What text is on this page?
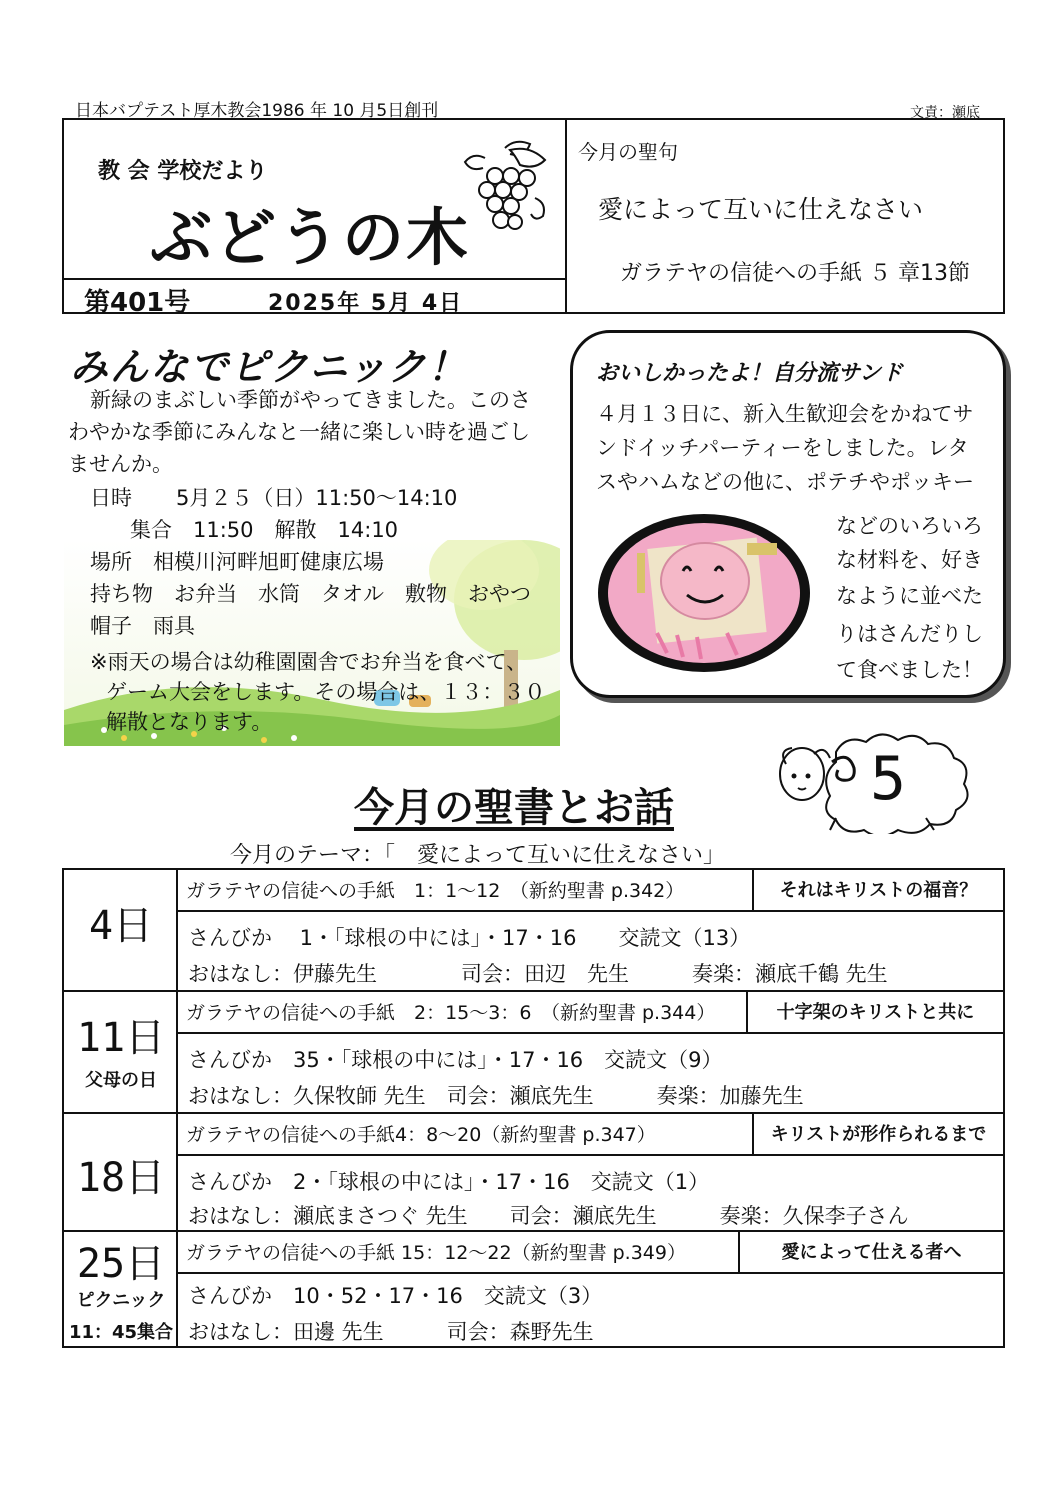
日本バプテスト厚木教会1986 年 10 月5日創刊	文責：瀬底
教 会 学校だより
ぶどうの木
第401号	2025年 5月 4日
今月の聖句
愛によって互いに仕えなさい
ガラテヤの信徒への手紙 ５ 章13節
みんなでピクニック！
新緑のまぶしい季節がやってきました。このさわやかな季節にみんなと一緒に楽しい時を過ごしませんか。
日時 5月２５（日）11:50～14:10
集合　11:50　解散　14:10
場所　相模川河畔旭町健康広場
持ち物　お弁当　水筒　タオル　敷物　おやつ
帽子　雨具
※雨天の場合は幼稚園園舎でお弁当を食べて、
ゲーム大会をします。その場合は、１３：３０
解散となります。
おいしかったよ！自分流サンド
４月１３日に、新入生歓迎会をかねてサ
ンドイッチパーティーをしました。レタ
スやハムなどの他に、ポテチやポッキー
などのいろいろ
な材料を、好き
なように並べた
りはさんだりし
て食べました！
今月の聖書とお話	5
今月のテーマ：「　愛によって互いに仕えなさい」
4日
ガラテヤの信徒への手紙　1：1～12　（新約聖書 p.342）	それはキリストの福音？
さんびか　 1・「球根の中には」・17・16　　交読文（13）
おはなし：伊藤先生　　　　司会：田辺　先生　　　奏楽：瀬底千鶴 先生
11日
父母の日
ガラテヤの信徒への手紙　2：15～3：6　（新約聖書 p.344）	十字架のキリストと共に
さんびか　35・「球根の中には」・17・16　交読文（9）
おはなし：久保牧師 先生　司会：瀬底先生　　　奏楽：加藤先生
18日
ガラテヤの信徒への手紙4：8～20（新約聖書 p.347）	キリストが形作られるまで
さんびか　2・「球根の中には」・17・16　交読文（1）
おはなし：瀬底まさつぐ 先生　　司会：瀬底先生　　　奏楽：久保李子さん
25日
ピクニック
11：45集合
ガラテヤの信徒への手紙 15：12～22（新約聖書 p.349）	愛によって仕える者へ
さんびか　10・52・17・16　交読文（3）
おはなし：田邊 先生　　　司会：森野先生
